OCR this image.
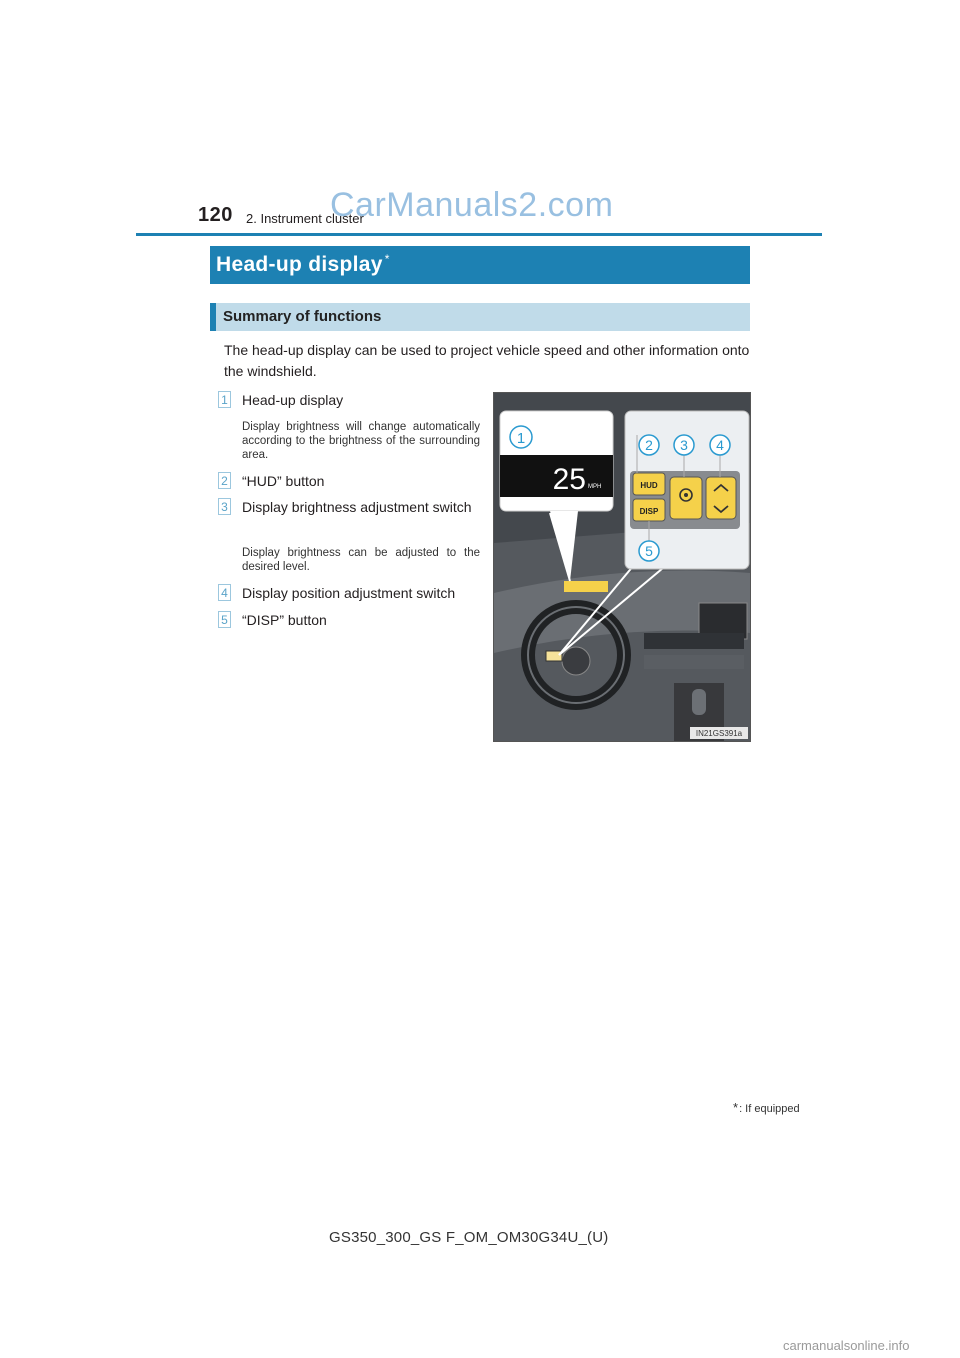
120 2. Instrument cluster
CarManuals2.com
Head-up display *
Summary of functions
The head-up display can be used to project vehicle speed and other information onto the windshield.
1 Head-up display
Display brightness will change automatically according to the brightness of the surrounding area.
2 “HUD” button
3 Display brightness adjustment switch
Display brightness can be adjusted to the desired level.
4 Display position adjustment switch
5 “DISP” button
1	2 3 4
5
25 MPH	HUD
DISP
IN21GS391a
*: If equipped
GS350_300_GS F_OM_OM30G34U_(U)
carmanualsonline.info
